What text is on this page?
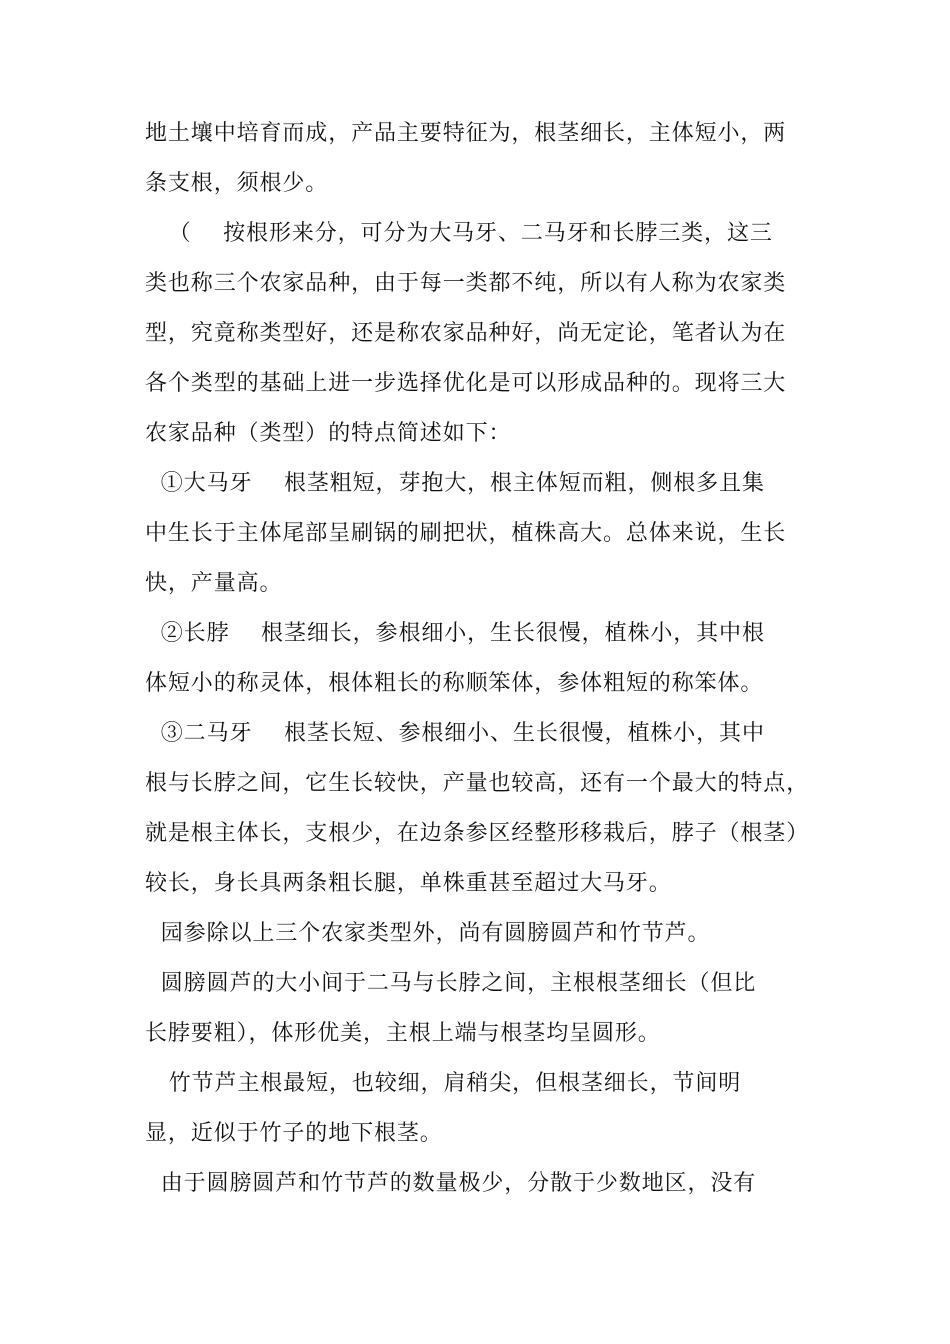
地土壤中培育而成，产品主要特征为，根茎细长，主体短小，两
条支根，须根少。
（    按根形来分，可分为大马牙、二马牙和长脖三类，这三
类也称三个农家品种，由于每一类都不纯，所以有人称为农家类
型，究竟称类型好，还是称农家品种好，尚无定论，笔者认为在
各个类型的基础上进一步选择优化是可以形成品种的。现将三大
农家品种（类型）的特点简述如下：
①大马牙    根茎粗短，芽抱大，根主体短而粗，侧根多且集
中生长于主体尾部呈刷锅的刷把状，植株高大。总体来说，生长
快，产量高。
②长脖    根茎细长，参根细小，生长很慢，植株小，其中根
体短小的称灵体，根体粗长的称顺笨体，参体粗短的称笨体。
③二马牙    根茎长短、参根细小、生长很慢，植株小，其中
根与长脖之间，它生长较快，产量也较高，还有一个最大的特点，
就是根主体长，支根少，在边条参区经整形移栽后，脖子（根茎）
较长，身长具两条粗长腿，单株重甚至超过大马牙。
园参除以上三个农家类型外，尚有圆膀圆芦和竹节芦。
圆膀圆芦的大小间于二马与长脖之间，主根根茎细长（但比
长脖要粗），体形优美，主根上端与根茎均呈圆形。
竹节芦主根最短，也较细，肩稍尖，但根茎细长，节间明
显，近似于竹子的地下根茎。
由于圆膀圆芦和竹节芦的数量极少，分散于少数地区，没有
